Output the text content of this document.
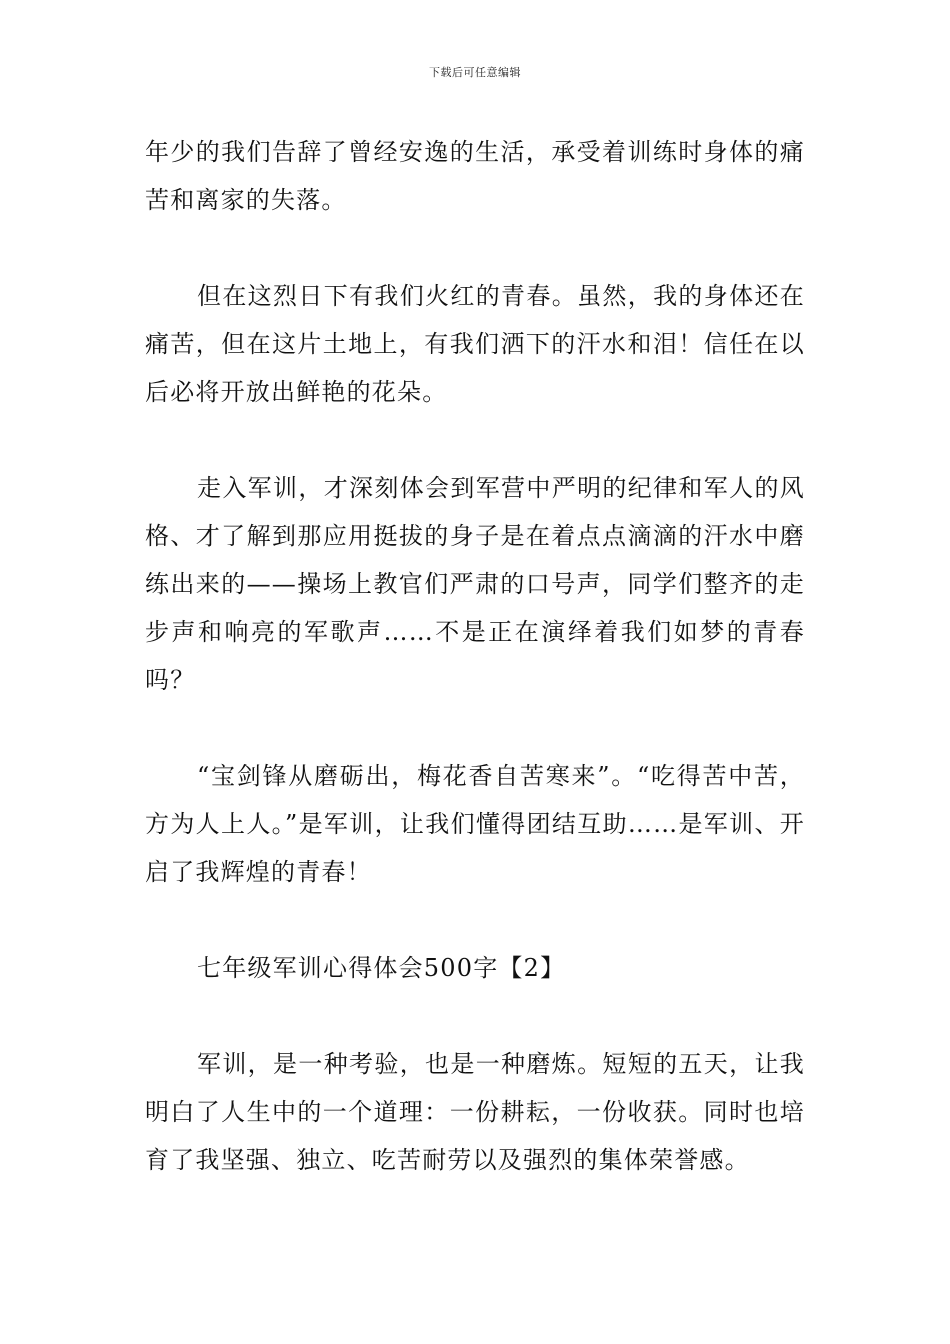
下载后可任意编辑

年少的我们告辞了曾经安逸的生活，承受着训练时身体的痛苦和离家的失落。

但在这烈日下有我们火红的青春。虽然，我的身体还在痛苦，但在这片土地上，有我们洒下的汗水和泪！信任在以后必将开放出鲜艳的花朵。

走入军训，才深刻体会到军营中严明的纪律和军人的风格、才了解到那应用挺拔的身子是在着点点滴滴的汗水中磨练出来的——操场上教官们严肃的口号声，同学们整齐的走步声和响亮的军歌声……不是正在演绎着我们如梦的青春吗？

“宝剑锋从磨砺出，梅花香自苦寒来”。“吃得苦中苦，方为人上人。”是军训，让我们懂得团结互助……是军训、开启了我辉煌的青春！

七年级军训心得体会500字【2】

军训，是一种考验，也是一种磨炼。短短的五天，让我明白了人生中的一个道理：一份耕耘，一份收获。同时也培育了我坚强、独立、吃苦耐劳以及强烈的集体荣誉感。
